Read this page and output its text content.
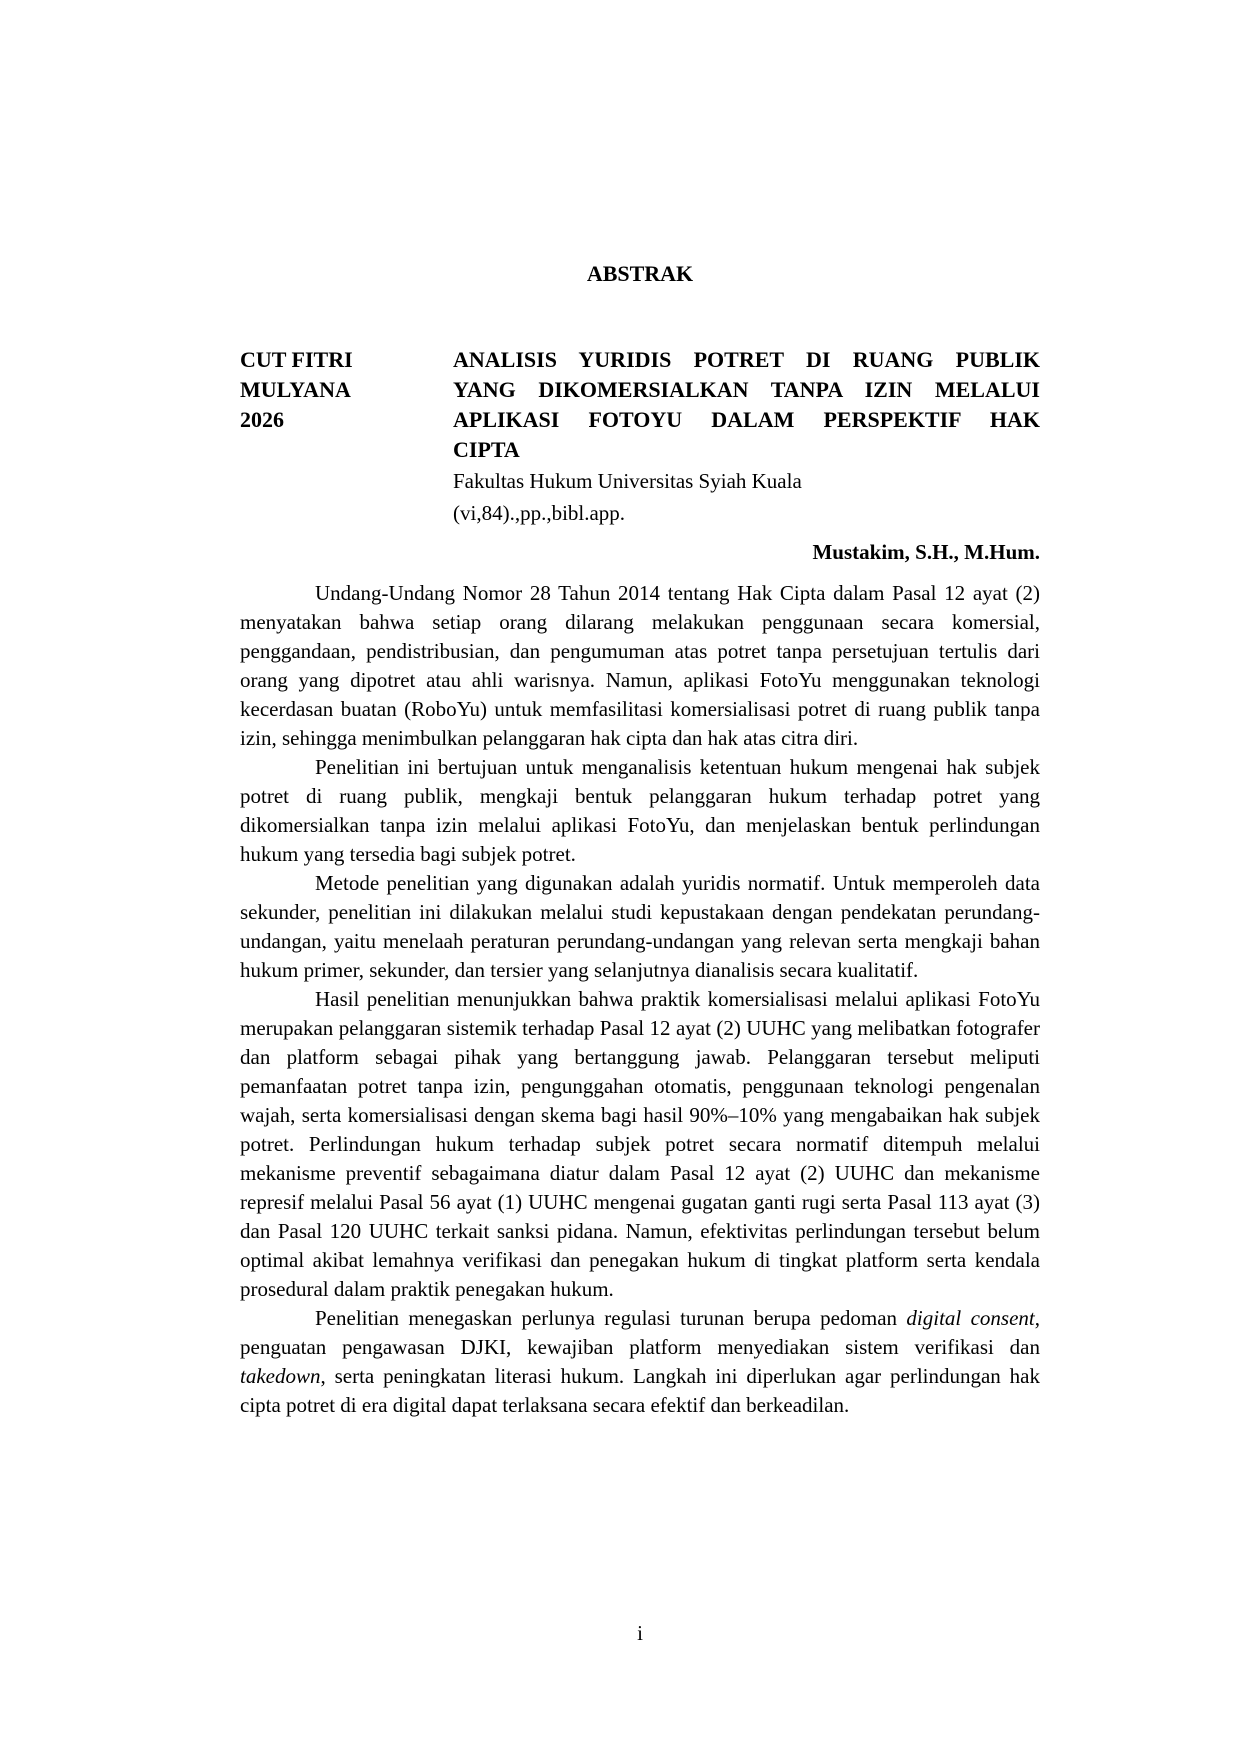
ABSTRAK
CUT FITRI
MULYANA
2026
ANALISIS YURIDIS POTRET DI RUANG PUBLIK
YANG DIKOMERSIALKAN TANPA IZIN MELALUI
APLIKASI FOTOYU DALAM PERSPEKTIF HAK
CIPTA
Fakultas Hukum Universitas Syiah Kuala
(vi,84).,pp.,bibl.app.
Mustakim, S.H., M.Hum.

Undang-Undang Nomor 28 Tahun 2014 tentang Hak Cipta dalam Pasal 12 ayat (2) menyatakan bahwa setiap orang dilarang melakukan penggunaan secara komersial, penggandaan, pendistribusian, dan pengumuman atas potret tanpa persetujuan tertulis dari orang yang dipotret atau ahli warisnya. Namun, aplikasi FotoYu menggunakan teknologi kecerdasan buatan (RoboYu) untuk memfasilitasi komersialisasi potret di ruang publik tanpa izin, sehingga menimbulkan pelanggaran hak cipta dan hak atas citra diri.

Penelitian ini bertujuan untuk menganalisis ketentuan hukum mengenai hak subjek potret di ruang publik, mengkaji bentuk pelanggaran hukum terhadap potret yang dikomersialkan tanpa izin melalui aplikasi FotoYu, dan menjelaskan bentuk perlindungan hukum yang tersedia bagi subjek potret.

Metode penelitian yang digunakan adalah yuridis normatif. Untuk memperoleh data sekunder, penelitian ini dilakukan melalui studi kepustakaan dengan pendekatan perundang-undangan, yaitu menelaah peraturan perundang-undangan yang relevan serta mengkaji bahan hukum primer, sekunder, dan tersier yang selanjutnya dianalisis secara kualitatif.

Hasil penelitian menunjukkan bahwa praktik komersialisasi melalui aplikasi FotoYu merupakan pelanggaran sistemik terhadap Pasal 12 ayat (2) UUHC yang melibatkan fotografer dan platform sebagai pihak yang bertanggung jawab. Pelanggaran tersebut meliputi pemanfaatan potret tanpa izin, pengunggahan otomatis, penggunaan teknologi pengenalan wajah, serta komersialisasi dengan skema bagi hasil 90%–10% yang mengabaikan hak subjek potret. Perlindungan hukum terhadap subjek potret secara normatif ditempuh melalui mekanisme preventif sebagaimana diatur dalam Pasal 12 ayat (2) UUHC dan mekanisme represif melalui Pasal 56 ayat (1) UUHC mengenai gugatan ganti rugi serta Pasal 113 ayat (3) dan Pasal 120 UUHC terkait sanksi pidana. Namun, efektivitas perlindungan tersebut belum optimal akibat lemahnya verifikasi dan penegakan hukum di tingkat platform serta kendala prosedural dalam praktik penegakan hukum.

Penelitian menegaskan perlunya regulasi turunan berupa pedoman digital consent, penguatan pengawasan DJKI, kewajiban platform menyediakan sistem verifikasi dan takedown, serta peningkatan literasi hukum. Langkah ini diperlukan agar perlindungan hak cipta potret di era digital dapat terlaksana secara efektif dan berkeadilan.

i
